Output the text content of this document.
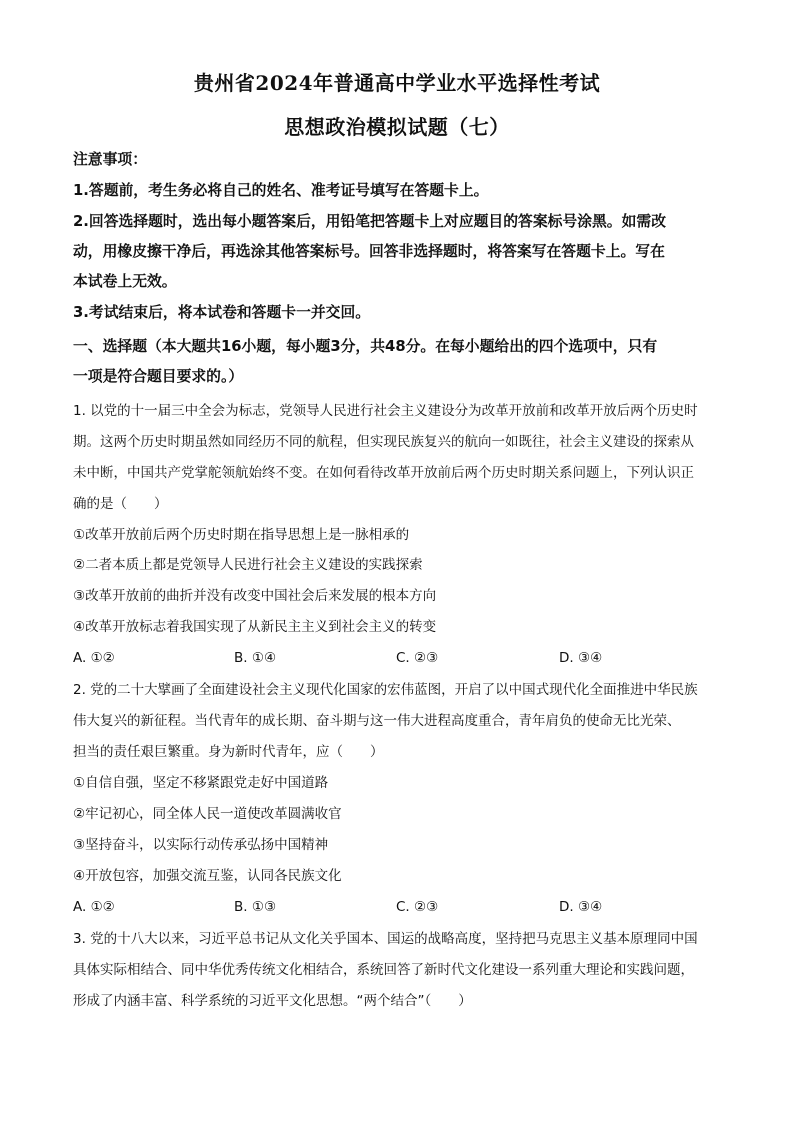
贵州省2024年普通高中学业水平选择性考试
思想政治模拟试题（七）
注意事项：
1.答题前，考生务必将自己的姓名、准考证号填写在答题卡上。
2.回答选择题时，选出每小题答案后，用铅笔把答题卡上对应题目的答案标号涂黑。如需改
动，用橡皮擦干净后，再选涂其他答案标号。回答非选择题时，将答案写在答题卡上。写在
本试卷上无效。
3.考试结束后，将本试卷和答题卡一并交回。
一、选择题（本大题共16小题，每小题3分，共48分。在每小题给出的四个选项中，只有
一项是符合题目要求的。）
1. 以党的十一届三中全会为标志，党领导人民进行社会主义建设分为改革开放前和改革开放后两个历史时
期。这两个历史时期虽然如同经历不同的航程，但实现民族复兴的航向一如既往，社会主义建设的探索从
未中断，中国共产党掌舵领航始终不变。在如何看待改革开放前后两个历史时期关系问题上，下列认识正
确的是（　　）
①改革开放前后两个历史时期在指导思想上是一脉相承的
②二者本质上都是党领导人民进行社会主义建设的实践探索
③改革开放前的曲折并没有改变中国社会后来发展的根本方向
④改革开放标志着我国实现了从新民主主义到社会主义的转变
A. ①②	B. ①④	C. ②③	D. ③④
2. 党的二十大擘画了全面建设社会主义现代化国家的宏伟蓝图，开启了以中国式现代化全面推进中华民族
伟大复兴的新征程。当代青年的成长期、奋斗期与这一伟大进程高度重合，青年肩负的使命无比光荣、
担当的责任艰巨繁重。身为新时代青年，应（　　）
①自信自强，坚定不移紧跟党走好中国道路
②牢记初心，同全体人民一道使改革圆满收官
③坚持奋斗，以实际行动传承弘扬中国精神
④开放包容，加强交流互鉴，认同各民族文化
A. ①②	B. ①③	C. ②③	D. ③④
3. 党的十八大以来，习近平总书记从文化关乎国本、国运的战略高度，坚持把马克思主义基本原理同中国
具体实际相结合、同中华优秀传统文化相结合，系统回答了新时代文化建设一系列重大理论和实践问题，
形成了内涵丰富、科学系统的习近平文化思想。“两个结合”（　　）
